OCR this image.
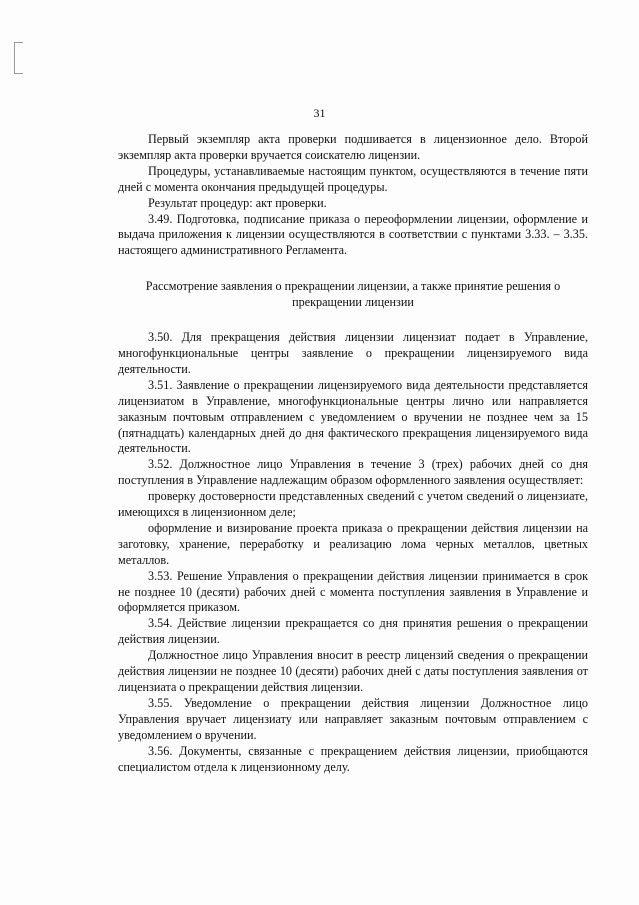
31

Первый экземпляр акта проверки подшивается в лицензионное дело. Второй экземпляр акта проверки вручается соискателю лицензии.

Процедуры, устанавливаемые настоящим пунктом, осуществляются в течение пяти дней с момента окончания предыдущей процедуры.

Результат процедур: акт проверки.

3.49. Подготовка, подписание приказа о переоформлении лицензии, оформление и выдача приложения к лицензии осуществляются в соответствии с пунктами 3.33. – 3.35. настоящего административного Регламента.

Рассмотрение заявления о прекращении лицензии, а также принятие решения о прекращении лицензии

3.50. Для прекращения действия лицензии лицензиат подает в Управление, многофункциональные центры заявление о прекращении лицензируемого вида деятельности.

3.51. Заявление о прекращении лицензируемого вида деятельности представляется лицензиатом в Управление, многофункциональные центры лично или направляется заказным почтовым отправлением с уведомлением о вручении не позднее чем за 15 (пятнадцать) календарных дней до дня фактического прекращения лицензируемого вида деятельности.

3.52. Должностное лицо Управления в течение 3 (трех) рабочих дней со дня поступления в Управление надлежащим образом оформленного заявления осуществляет:

проверку достоверности представленных сведений с учетом сведений о лицензиате, имеющихся в лицензионном деле;

оформление и визирование проекта приказа о прекращении действия лицензии на заготовку, хранение, переработку и реализацию лома черных металлов, цветных металлов.

3.53. Решение Управления о прекращении действия лицензии принимается в срок не позднее 10 (десяти) рабочих дней с момента поступления заявления в Управление и оформляется приказом.

3.54. Действие лицензии прекращается со дня принятия решения о прекращении действия лицензии.

Должностное лицо Управления вносит в реестр лицензий сведения о прекращении действия лицензии не позднее 10 (десяти) рабочих дней с даты поступления заявления от лицензиата о прекращении действия лицензии.

3.55. Уведомление о прекращении действия лицензии Должностное лицо Управления вручает лицензиату или направляет заказным почтовым отправлением с уведомлением о вручении.

3.56. Документы, связанные с прекращением действия лицензии, приобщаются специалистом отдела к лицензионному делу.
